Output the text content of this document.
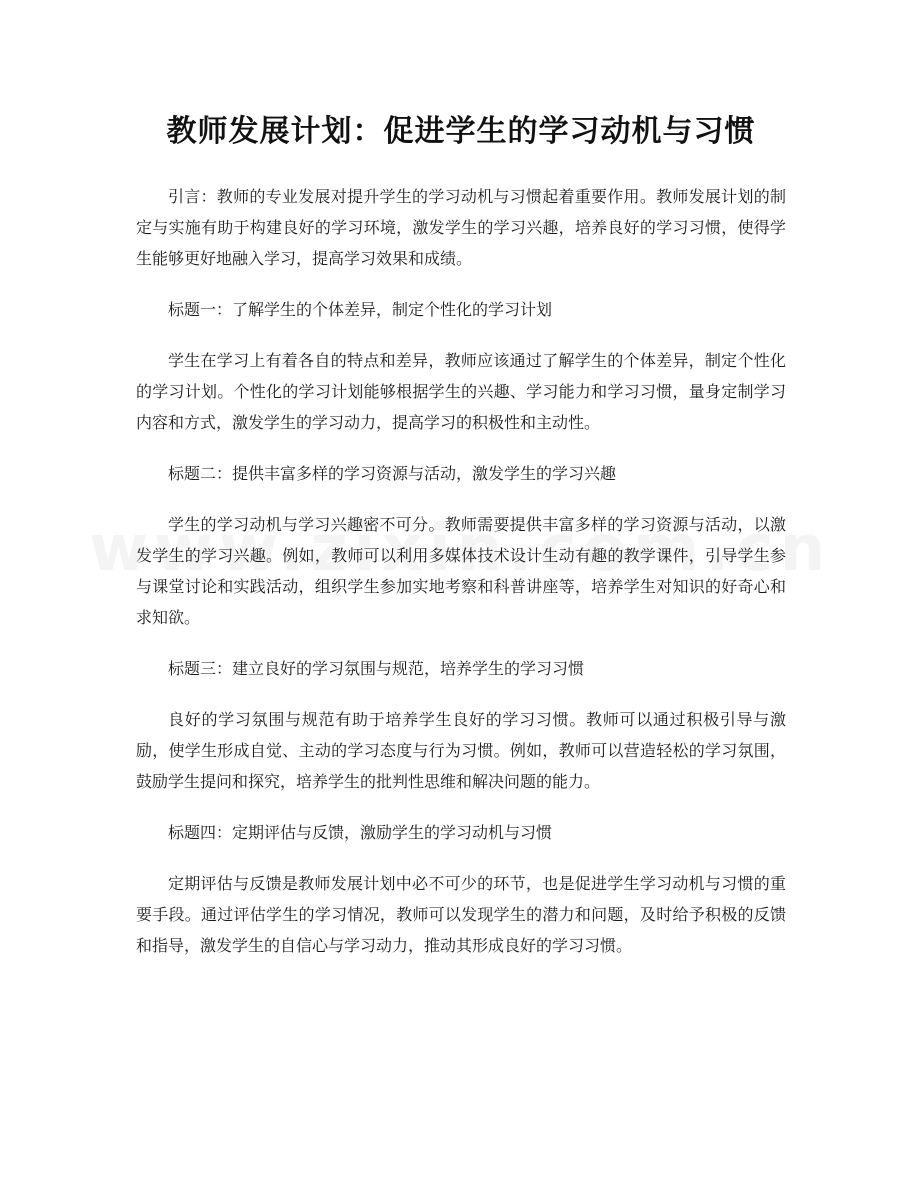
教师发展计划：促进学生的学习动机与习惯

引言：教师的专业发展对提升学生的学习动机与习惯起着重要作用。教师发展计划的制定与实施有助于构建良好的学习环境，激发学生的学习兴趣，培养良好的学习习惯，使得学生能够更好地融入学习，提高学习效果和成绩。

标题一：了解学生的个体差异，制定个性化的学习计划

学生在学习上有着各自的特点和差异，教师应该通过了解学生的个体差异，制定个性化的学习计划。个性化的学习计划能够根据学生的兴趣、学习能力和学习习惯，量身定制学习内容和方式，激发学生的学习动力，提高学习的积极性和主动性。

标题二：提供丰富多样的学习资源与活动，激发学生的学习兴趣

学生的学习动机与学习兴趣密不可分。教师需要提供丰富多样的学习资源与活动，以激发学生的学习兴趣。例如，教师可以利用多媒体技术设计生动有趣的教学课件，引导学生参与课堂讨论和实践活动，组织学生参加实地考察和科普讲座等，培养学生对知识的好奇心和求知欲。

标题三：建立良好的学习氛围与规范，培养学生的学习习惯

良好的学习氛围与规范有助于培养学生良好的学习习惯。教师可以通过积极引导与激励，使学生形成自觉、主动的学习态度与行为习惯。例如，教师可以营造轻松的学习氛围，鼓励学生提问和探究，培养学生的批判性思维和解决问题的能力。

标题四：定期评估与反馈，激励学生的学习动机与习惯

定期评估与反馈是教师发展计划中必不可少的环节，也是促进学生学习动机与习惯的重要手段。通过评估学生的学习情况，教师可以发现学生的潜力和问题，及时给予积极的反馈和指导，激发学生的自信心与学习动力，推动其形成良好的学习习惯。
